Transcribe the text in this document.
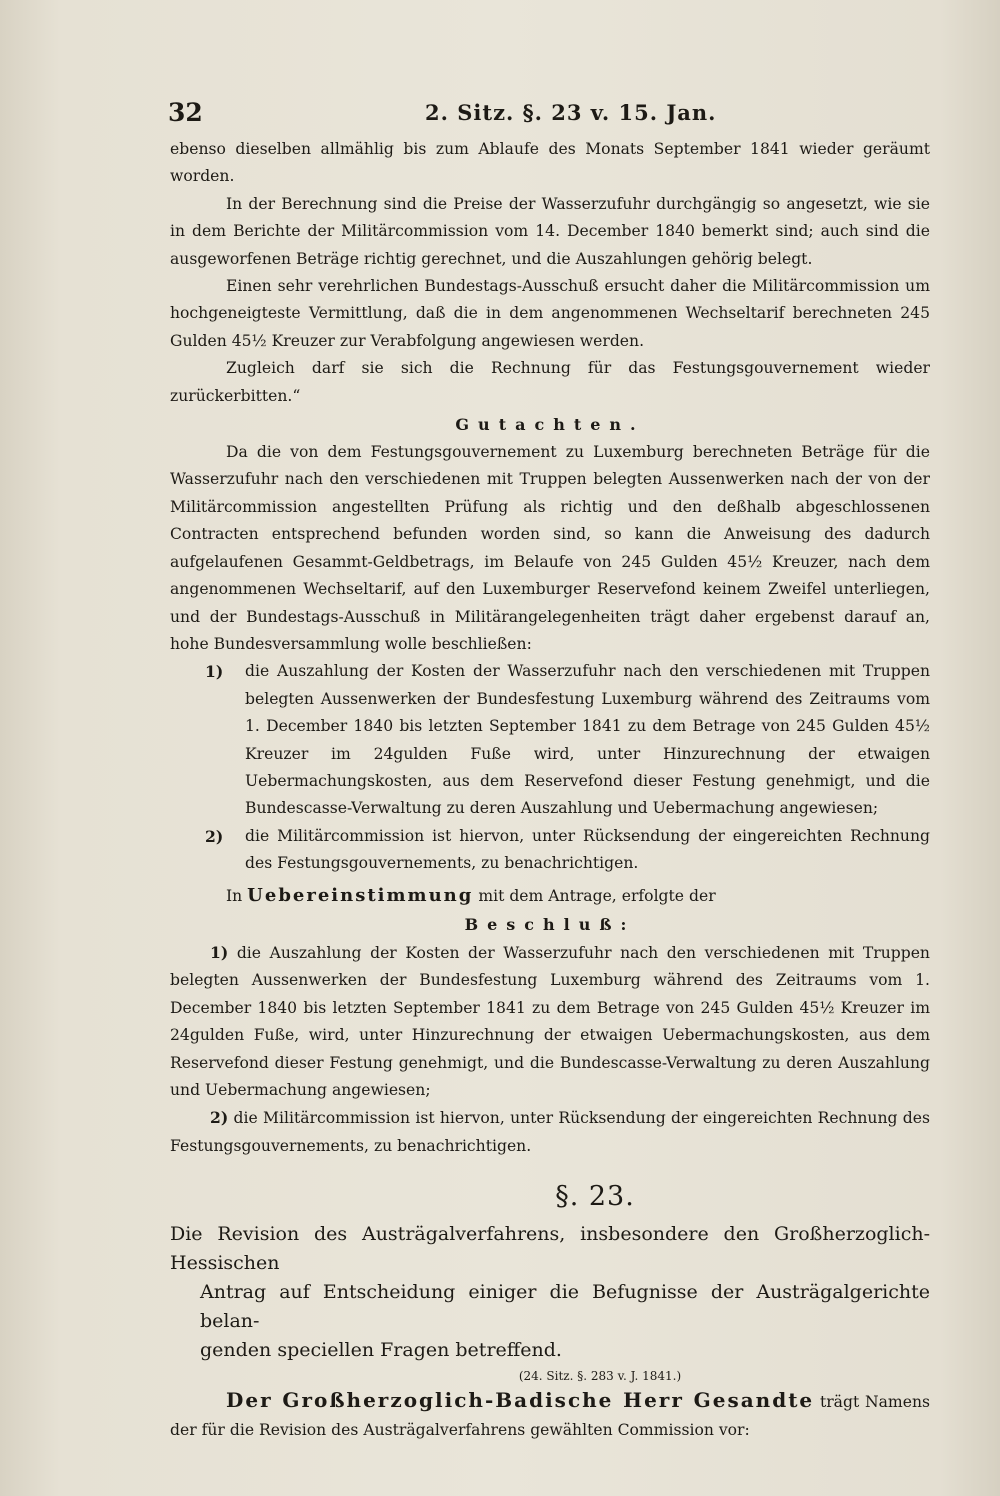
32	2. Sitz. §. 23 v. 15. Jan.

ebenso dieselben allmählig bis zum Ablaufe des Monats September 1841 wieder geräumt worden.

In der Berechnung sind die Preise der Wasserzufuhr durchgängig so angesetzt, wie sie in dem Berichte der Militärcommission vom 14. December 1840 bemerkt sind; auch sind die ausgeworfenen Beträge richtig gerechnet, und die Auszahlungen gehörig belegt.

Einen sehr verehrlichen Bundestags-Ausschuß ersucht daher die Militärcommission um hochgeneigteste Vermittlung, daß die in dem angenommenen Wechseltarif berechneten 245 Gulden 45½ Kreuzer zur Verabfolgung angewiesen werden.

Zugleich darf sie sich die Rechnung für das Festungsgouvernement wieder zurückerbitten.“

Gutachten.

Da die von dem Festungsgouvernement zu Luxemburg berechneten Beträge für die Wasserzufuhr nach den verschiedenen mit Truppen belegten Aussenwerken nach der von der Militärcommission angestellten Prüfung als richtig und den deßhalb abgeschlossenen Contracten entsprechend befunden worden sind, so kann die Anweisung des dadurch aufgelaufenen Gesammt-Geldbetrags, im Belaufe von 245 Gulden 45½ Kreuzer, nach dem angenommenen Wechseltarif, auf den Luxemburger Reservefond keinem Zweifel unterliegen, und der Bundestags-Ausschuß in Militärangelegenheiten trägt daher ergebenst darauf an, hohe Bundesversammlung wolle beschließen:

1) die Auszahlung der Kosten der Wasserzufuhr nach den verschiedenen mit Truppen belegten Aussenwerken der Bundesfestung Luxemburg während des Zeitraums vom 1. December 1840 bis letzten September 1841 zu dem Betrage von 245 Gulden 45½ Kreuzer im 24gulden Fuße wird, unter Hinzurechnung der etwaigen Uebermachungskosten, aus dem Reservefond dieser Festung genehmigt, und die Bundescasse-Verwaltung zu deren Auszahlung und Uebermachung angewiesen;
2) die Militärcommission ist hiervon, unter Rücksendung der eingereichten Rechnung des Festungsgouvernements, zu benachrichtigen.

In Uebereinstimmung mit dem Antrage, erfolgte der

Beschluß:

1) die Auszahlung der Kosten der Wasserzufuhr nach den verschiedenen mit Truppen belegten Aussenwerken der Bundesfestung Luxemburg während des Zeitraums vom 1. December 1840 bis letzten September 1841 zu dem Betrage von 245 Gulden 45½ Kreuzer im 24gulden Fuße, wird, unter Hinzurechnung der etwaigen Uebermachungskosten, aus dem Reservefond dieser Festung genehmigt, und die Bundescasse-Verwaltung zu deren Auszahlung und Uebermachung angewiesen;
2) die Militärcommission ist hiervon, unter Rücksendung der eingereichten Rechnung des Festungsgouvernements, zu benachrichtigen.
§. 23.
Die Revision des Austrägalverfahrens, insbesondere den Großherzoglich-Hessischen
Antrag auf Entscheidung einiger die Befugnisse der Austrägalgerichte belan-
genden speciellen Fragen betreffend.
(24. Sitz. §. 283 v. J. 1841.)

Der Großherzoglich-Badische Herr Gesandte trägt Namens der für die Revision des Austrägalverfahrens gewählten Commission vor:
